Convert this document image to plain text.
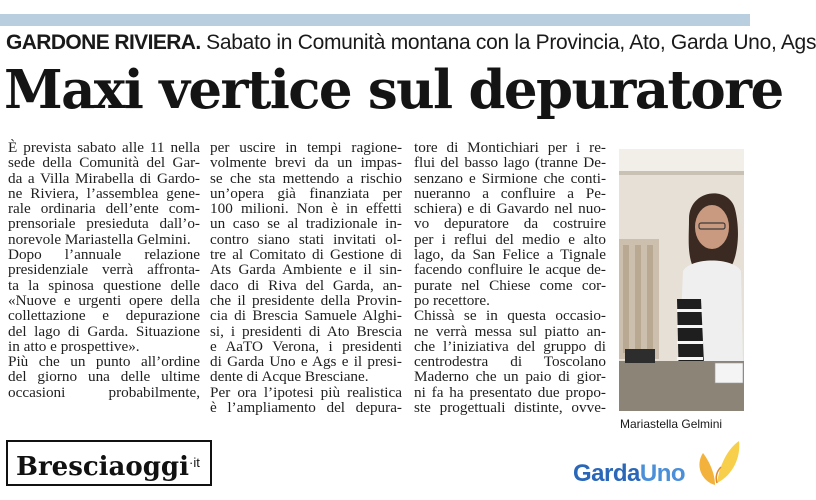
GARDONE RIVIERA. Sabato in Comunità montana con la Provincia, Ato, Garda Uno, Ags
Maxi vertice sul depuratore
È prevista sabato alle 11 nella
sede della Comunità del Gar-
da a Villa Mirabella di Gardo-
ne Riviera, l’assemblea gene-
rale ordinaria dell’ente com-
prensoriale presieduta dall’o-
norevole Mariastella Gelmini.
Dopo l’annuale relazione
presidenziale verrà affronta-
ta la spinosa questione delle
«Nuove e urgenti opere della
collettazione e depurazione
del lago di Garda. Situazione
in atto e prospettive».
Più che un punto all’ordine
del giorno una delle ultime
occasioni probabilmente,
per uscire in tempi ragione-
volmente brevi da un impas-
se che sta mettendo a rischio
un’opera già finanziata per
100 milioni. Non è in effetti
un caso se al tradizionale in-
contro siano stati invitati ol-
tre al Comitato di Gestione di
Ats Garda Ambiente e il sin-
daco di Riva del Garda, an-
che il presidente della Provin-
cia di Brescia Samuele Alghi-
si, i presidenti di Ato Brescia
e AaTO Verona, i presidenti
di Garda Uno e Ags e il presi-
dente di Acque Bresciane.
Per ora l’ipotesi più realistica
è l’ampliamento del depura-
tore di Montichiari per i re-
flui del basso lago (tranne De-
senzano e Sirmione che conti-
nueranno a confluire a Pe-
schiera) e di Gavardo nel nuo-
vo depuratore da costruire
per i reflui del medio e alto
lago, da San Felice a Tignale
facendo confluire le acque de-
purate nel Chiese come cor-
po recettore.
Chissà se in questa occasio-
ne verrà messa sul piatto an-
che l’iniziativa del gruppo di
centrodestra di Toscolano
Maderno che un paio di gior-
ni fa ha presentato due propo-
ste progettuali distinte, ovve-
Mariastella Gelmini
Bresciaoggi$^{\cdot it}$	GardaUno
